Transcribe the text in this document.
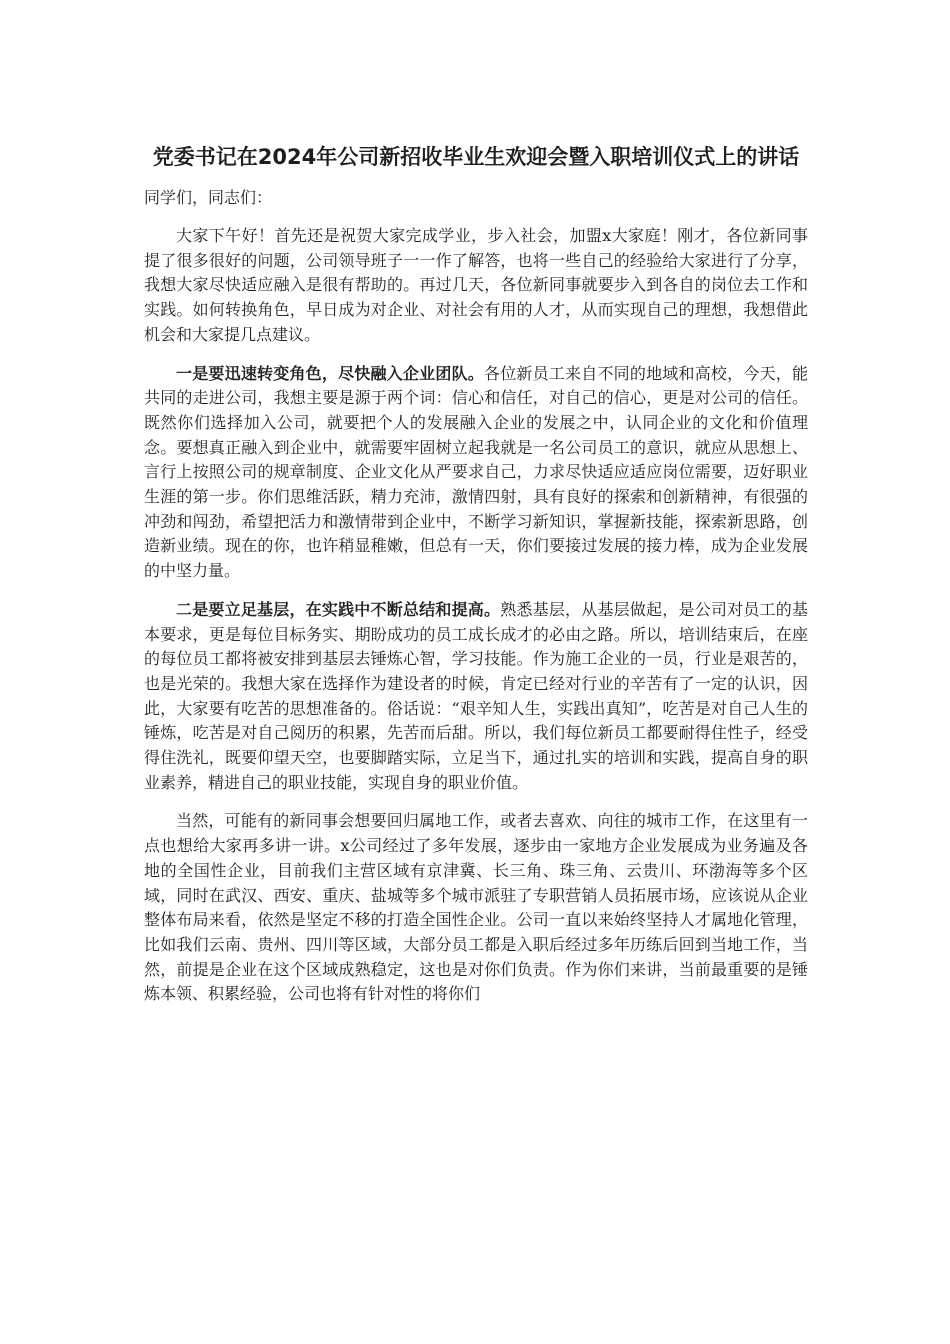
党委书记在2024年公司新招收毕业生欢迎会暨入职培训仪式上的讲话

同学们，同志们：

大家下午好！首先还是祝贺大家完成学业，步入社会，加盟x大家庭！刚才，各位新同事提了很多很好的问题，公司领导班子一一作了解答，也将一些自己的经验给大家进行了分享，我想大家尽快适应融入是很有帮助的。再过几天，各位新同事就要步入到各自的岗位去工作和实践。如何转换角色，早日成为对企业、对社会有用的人才，从而实现自己的理想，我想借此机会和大家提几点建议。

一是要迅速转变角色，尽快融入企业团队。各位新员工来自不同的地域和高校，今天，能共同的走进公司，我想主要是源于两个词：信心和信任，对自己的信心，更是对公司的信任。既然你们选择加入公司，就要把个人的发展融入企业的发展之中，认同企业的文化和价值理念。要想真正融入到企业中，就需要牢固树立起我就是一名公司员工的意识，就应从思想上、言行上按照公司的规章制度、企业文化从严要求自己，力求尽快适应适应岗位需要，迈好职业生涯的第一步。你们思维活跃，精力充沛，激情四射，具有良好的探索和创新精神，有很强的冲劲和闯劲，希望把活力和激情带到企业中，不断学习新知识，掌握新技能，探索新思路，创造新业绩。现在的你，也许稍显稚嫩，但总有一天，你们要接过发展的接力棒，成为企业发展的中坚力量。

二是要立足基层，在实践中不断总结和提高。熟悉基层，从基层做起，是公司对员工的基本要求，更是每位目标务实、期盼成功的员工成长成才的必由之路。所以，培训结束后，在座的每位员工都将被安排到基层去锤炼心智，学习技能。作为施工企业的一员，行业是艰苦的，也是光荣的。我想大家在选择作为建设者的时候，肯定已经对行业的辛苦有了一定的认识，因此，大家要有吃苦的思想准备的。俗话说：“艰辛知人生，实践出真知”，吃苦是对自己人生的锤炼，吃苦是对自己阅历的积累，先苦而后甜。所以，我们每位新员工都要耐得住性子，经受得住洗礼，既要仰望天空，也要脚踏实际，立足当下，通过扎实的培训和实践，提高自身的职业素养，精进自己的职业技能，实现自身的职业价值。

当然，可能有的新同事会想要回归属地工作，或者去喜欢、向往的城市工作，在这里有一点也想给大家再多讲一讲。x公司经过了多年发展，逐步由一家地方企业发展成为业务遍及各地的全国性企业，目前我们主营区域有京津冀、长三角、珠三角、云贵川、环渤海等多个区域，同时在武汉、西安、重庆、盐城等多个城市派驻了专职营销人员拓展市场，应该说从企业整体布局来看，依然是坚定不移的打造全国性企业。公司一直以来始终坚持人才属地化管理，比如我们云南、贵州、四川等区域，大部分员工都是入职后经过多年历练后回到当地工作，当然，前提是企业在这个区域成熟稳定，这也是对你们负责。作为你们来讲，当前最重要的是锤炼本领、积累经验，公司也将有针对性的将你们
